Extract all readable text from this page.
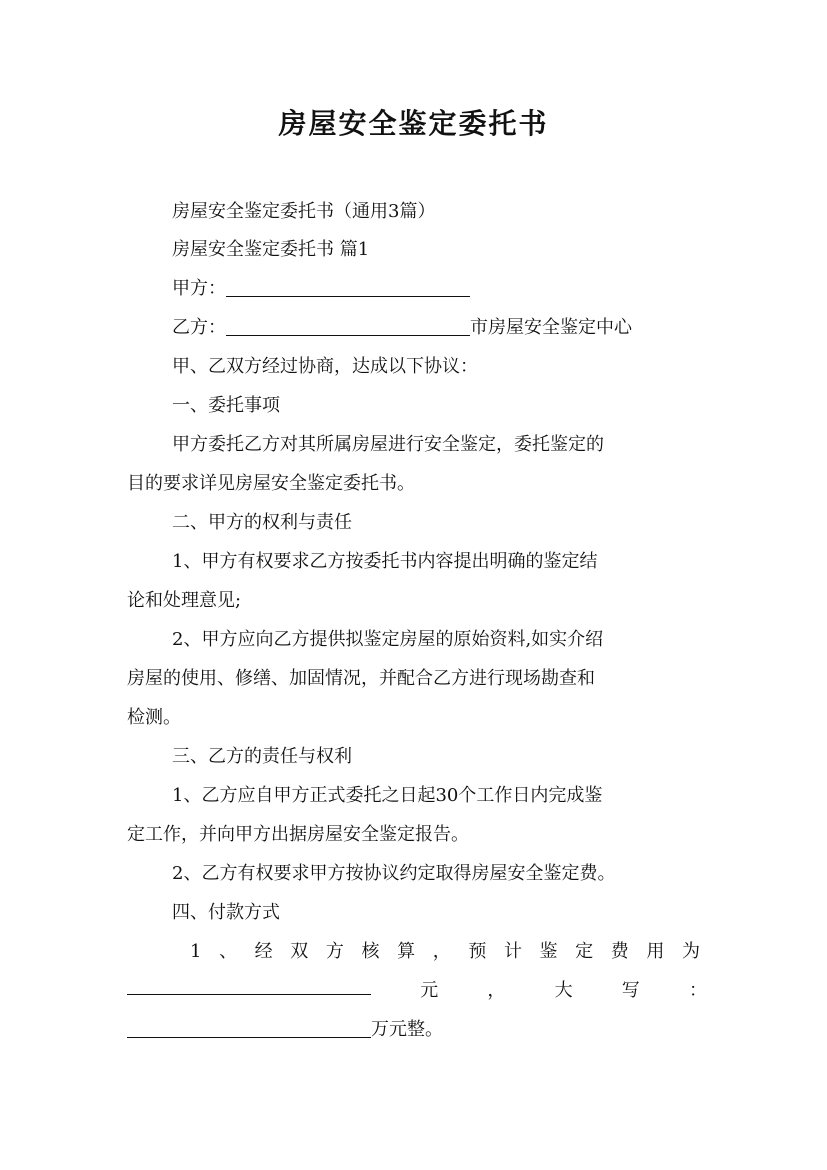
房屋安全鉴定委托书
房屋安全鉴定委托书（通用3篇）
房屋安全鉴定委托书 篇1
甲方：
乙方：	市房屋安全鉴定中心
甲、乙双方经过协商，达成以下协议：
一、委托事项
甲方委托乙方对其所属房屋进行安全鉴定，委托鉴定的
目的要求详见房屋安全鉴定委托书。
二、甲方的权利与责任
1、甲方有权要求乙方按委托书内容提出明确的鉴定结
论和处理意见;
2、甲方应向乙方提供拟鉴定房屋的原始资料,如实介绍
房屋的使用、修缮、加固情况，并配合乙方进行现场勘查和
检测。
三、乙方的责任与权利
1、乙方应自甲方正式委托之日起30个工作日内完成鉴
定工作，并向甲方出据房屋安全鉴定报告。
2、乙方有权要求甲方按协议约定取得房屋安全鉴定费。
四、付款方式
1 、 经 双 方 核 算 ， 预 计 鉴 定 费 用 为
元	，	大	写	：
万元整。
